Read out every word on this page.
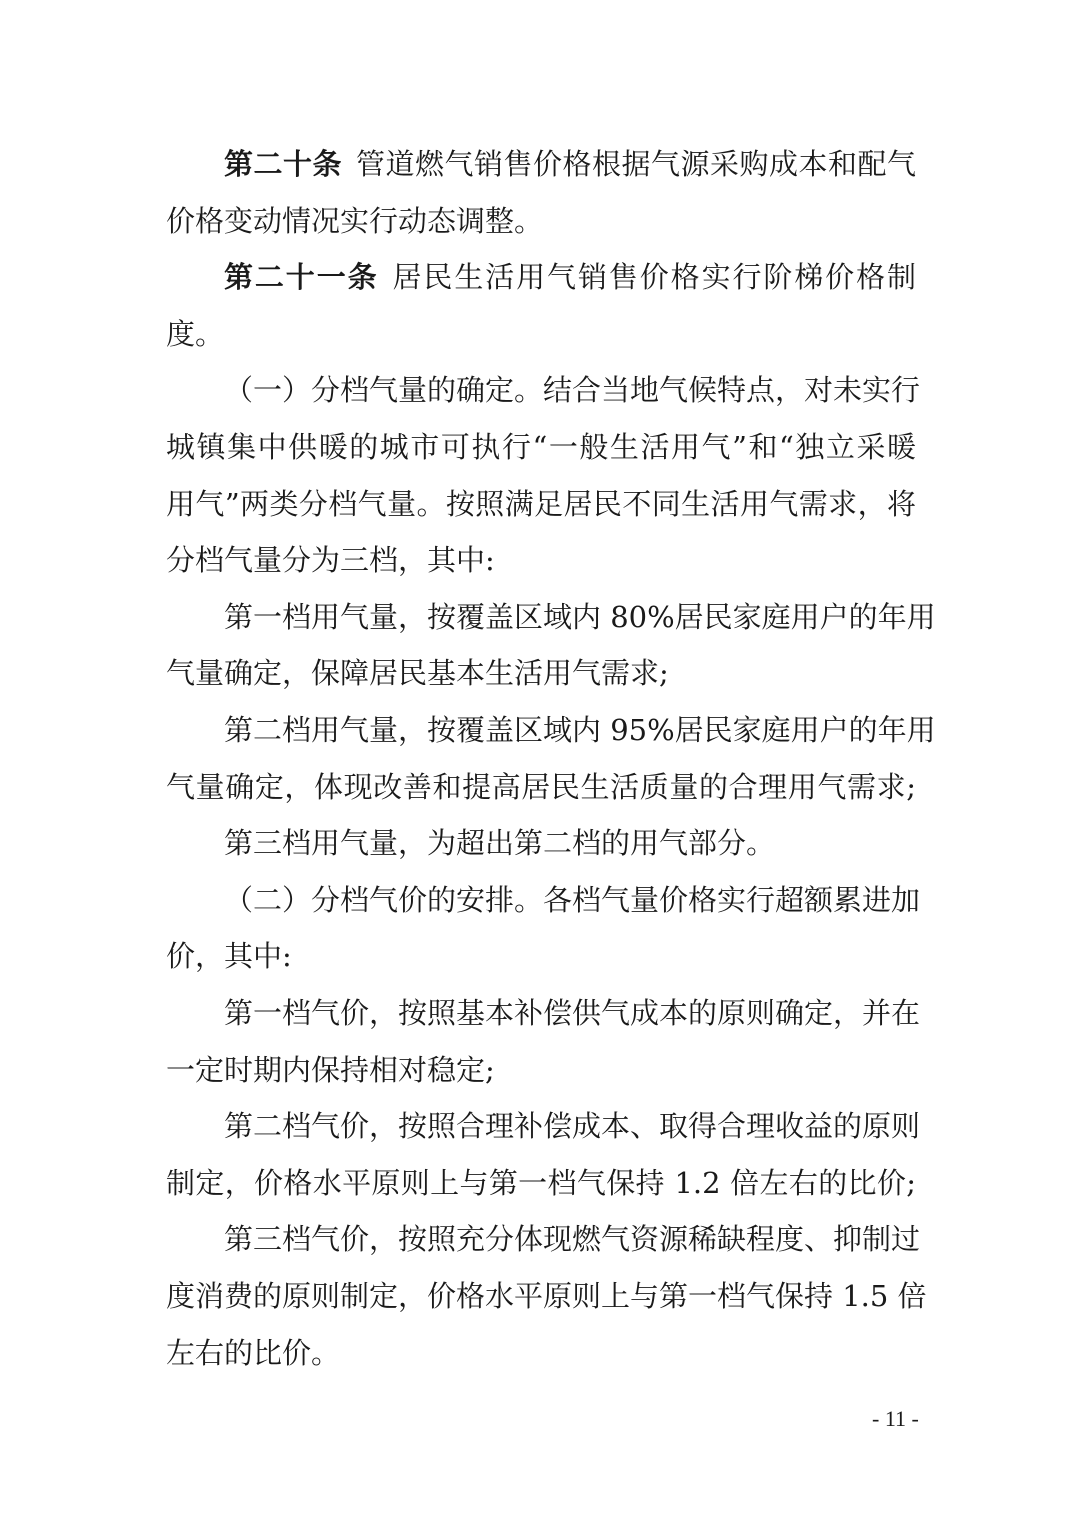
第二十条 管道燃气销售价格根据气源采购成本和配气
价格变动情况实行动态调整。
第二十一条 居民生活用气销售价格实行阶梯价格制
度。
（一）分档气量的确定。结合当地气候特点，对未实行
城镇集中供暖的城市可执行“一般生活用气”和“独立采暖
用气”两类分档气量。按照满足居民不同生活用气需求，将
分档气量分为三档，其中:
第一档用气量，按覆盖区域内 80%居民家庭用户的年用
气量确定，保障居民基本生活用气需求;
第二档用气量，按覆盖区域内 95%居民家庭用户的年用
气量确定，体现改善和提高居民生活质量的合理用气需求;
第三档用气量，为超出第二档的用气部分。
（二）分档气价的安排。各档气量价格实行超额累进加
价，其中:
第一档气价，按照基本补偿供气成本的原则确定，并在
一定时期内保持相对稳定;
第二档气价，按照合理补偿成本、取得合理收益的原则
制定，价格水平原则上与第一档气保持 1.2 倍左右的比价;
第三档气价，按照充分体现燃气资源稀缺程度、抑制过
度消费的原则制定，价格水平原则上与第一档气保持 1.5 倍
左右的比价。
- 11 -
